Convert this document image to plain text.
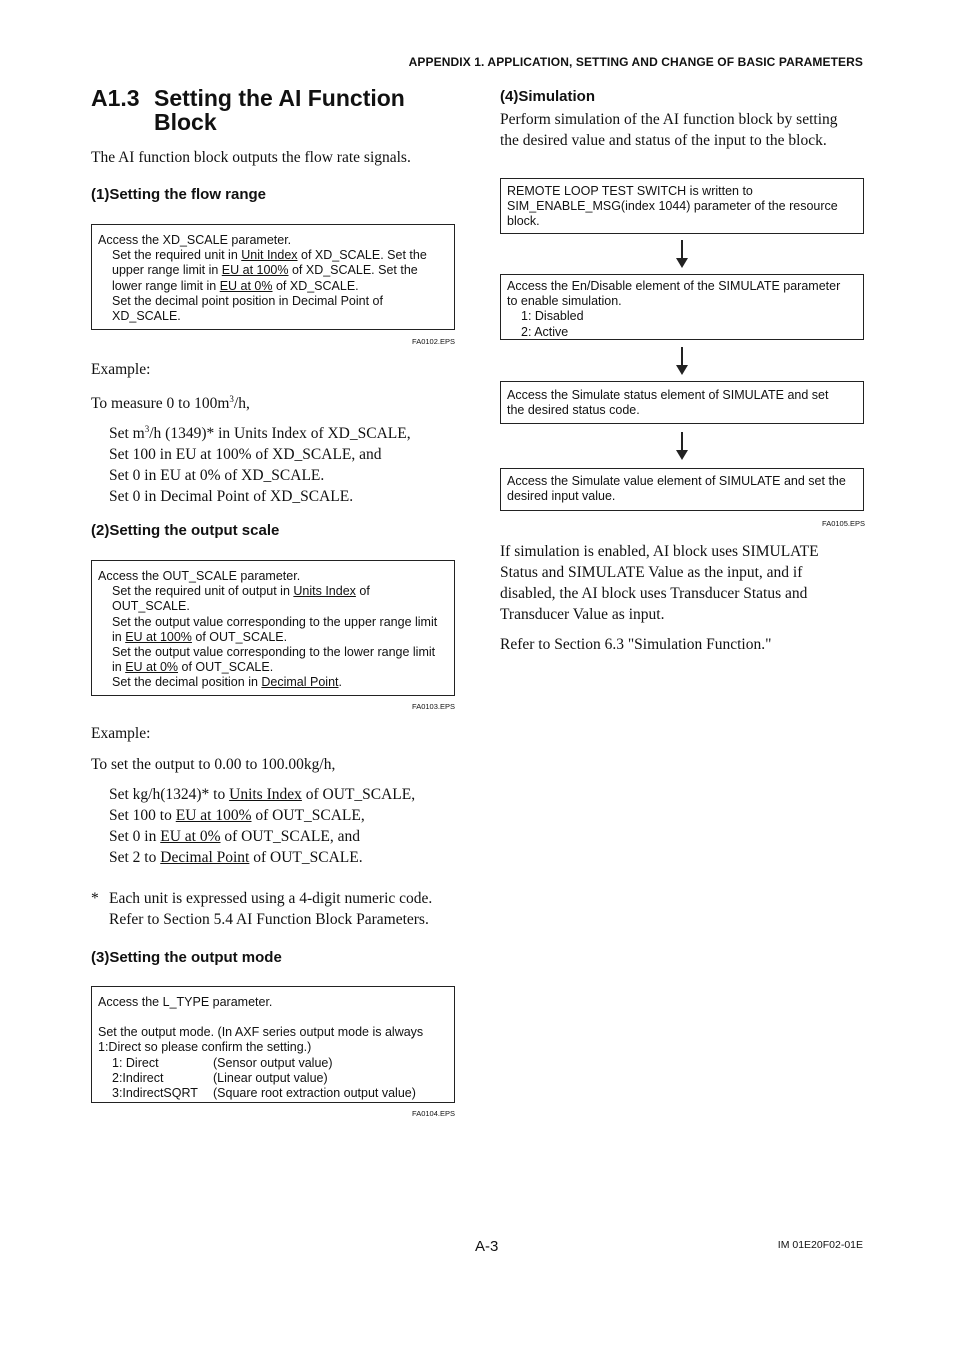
APPENDIX 1. APPLICATION, SETTING AND CHANGE OF BASIC PARAMETERS
A1.3 Setting the AI Function Block
The AI function block outputs the flow rate signals.
(1)Setting the flow range
Access the XD_SCALE parameter.
Set the required unit in Unit Index of XD_SCALE. Set the
upper range limit in EU at 100% of XD_SCALE. Set the
lower range limit in EU at 0% of XD_SCALE.
Set the decimal point position in Decimal Point of
XD_SCALE.
FA0102.EPS
Example:
To measure 0 to $100m^3/h$,
Set $m^3/h$ (1349)* in Units Index of XD_SCALE,
Set 100 in EU at 100% of XD_SCALE, and
Set 0 in EU at 0% of XD_SCALE.
Set 0 in Decimal Point of XD_SCALE.
(2)Setting the output scale
Access the OUT_SCALE parameter.
Set the required unit of output in Units Index of
OUT_SCALE.
Set the output value corresponding to the upper range limit
in EU at 100% of OUT_SCALE.
Set the output value corresponding to the lower range limit
in EU at 0% of OUT_SCALE.
Set the decimal position in Decimal Point.
FA0103.EPS
Example:
To set the output to 0.00 to 100.00kg/h,
Set kg/h(1324)* to Units Index of OUT_SCALE,
Set 100 to EU at 100% of OUT_SCALE,
Set 0 in EU at 0% of OUT_SCALE, and
Set 2 to Decimal Point of OUT_SCALE.
* Each unit is expressed using a 4-digit numeric code.
Refer to Section 5.4 AI Function Block Parameters.
(3)Setting the output mode
Access the L_TYPE parameter.
Set the output mode. (In AXF series output mode is always
1:Direct so please confirm the setting.)
1: Direct	(Sensor output value)
2:Indirect	(Linear output value)
3:IndirectSQRT (Square root extraction output value)
FA0104.EPS
(4)Simulation
Perform simulation of the AI function block by setting
the desired value and status of the input to the block.
REMOTE LOOP TEST SWITCH is written to
SIM_ENABLE_MSG(index 1044) parameter of the resource
block.
Access the En/Disable element of the SIMULATE parameter
to enable simulation.
1: Disabled
2: Active
Access the Simulate status element of SIMULATE and set
the desired status code.
Access the Simulate value element of SIMULATE and set the
desired input value.
FA0105.EPS
If simulation is enabled, AI block uses SIMULATE
Status and SIMULATE Value as the input, and if
disabled, the AI block uses Transducer Status and
Transducer Value as input.
Refer to Section 6.3 "Simulation Function."
A-3	IM 01E20F02-01E
